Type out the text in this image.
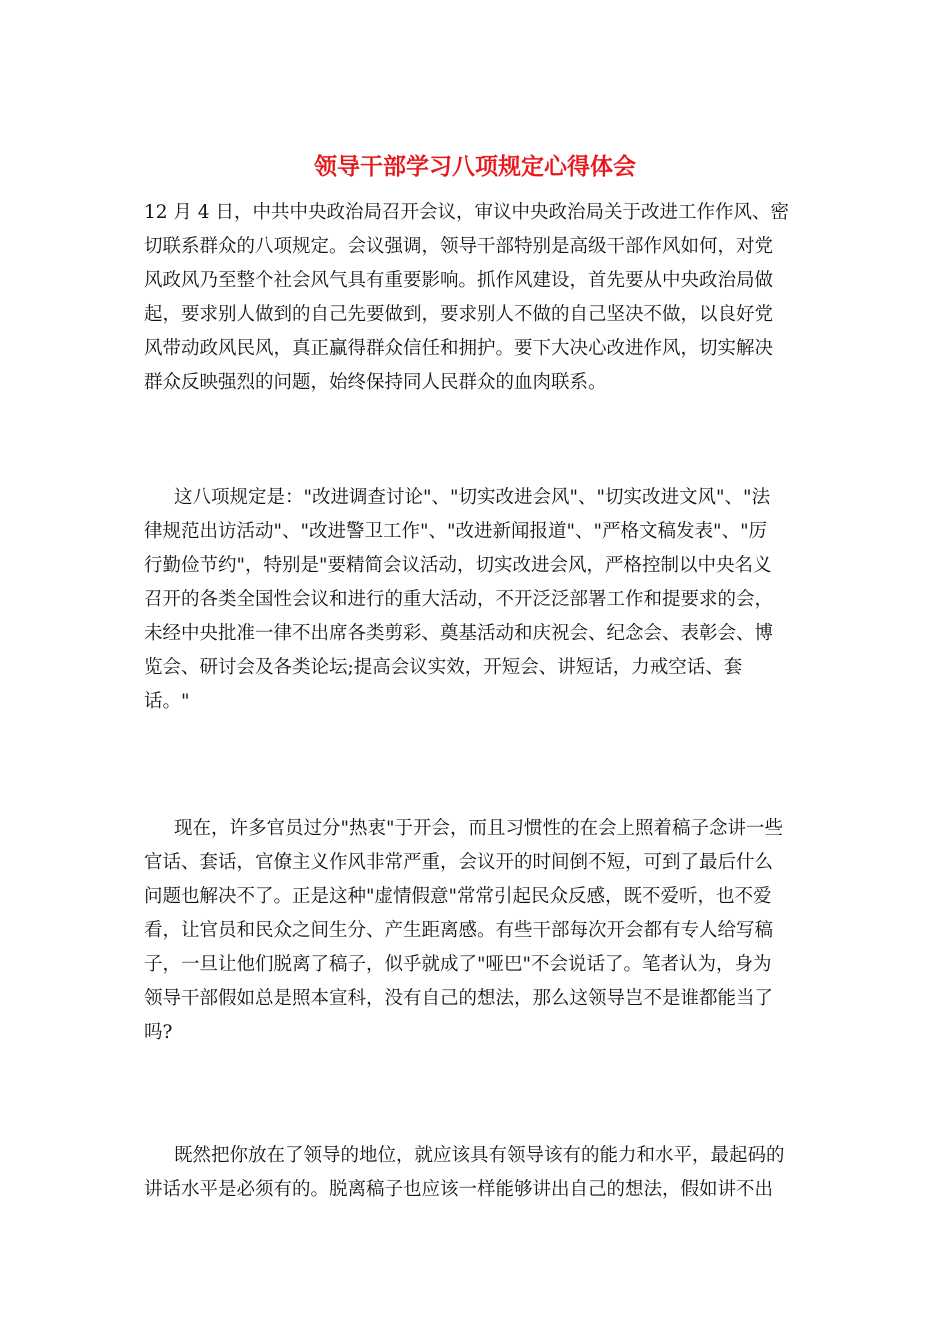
领导干部学习八项规定心得体会
12 月 4 日，中共中央政治局召开会议，审议中央政治局关于改进工作作风、密
切联系群众的八项规定。会议强调，领导干部特别是高级干部作风如何，对党
风政风乃至整个社会风气具有重要影响。抓作风建设，首先要从中央政治局做
起，要求别人做到的自己先要做到，要求别人不做的自己坚决不做，以良好党
风带动政风民风，真正赢得群众信任和拥护。要下大决心改进作风，切实解决
群众反映强烈的问题，始终保持同人民群众的血肉联系。
这八项规定是："改进调查讨论"、"切实改进会风"、"切实改进文风"、"法
律规范出访活动"、"改进警卫工作"、"改进新闻报道"、"严格文稿发表"、"厉
行勤俭节约"，特别是"要精简会议活动，切实改进会风，严格控制以中央名义
召开的各类全国性会议和进行的重大活动，不开泛泛部署工作和提要求的会，
未经中央批准一律不出席各类剪彩、奠基活动和庆祝会、纪念会、表彰会、博
览会、研讨会及各类论坛;提高会议实效，开短会、讲短话，力戒空话、套
话。"
现在，许多官员过分"热衷"于开会，而且习惯性的在会上照着稿子念讲一些
官话、套话，官僚主义作风非常严重，会议开的时间倒不短，可到了最后什么
问题也解决不了。正是这种"虚情假意"常常引起民众反感，既不爱听，也不爱
看，让官员和民众之间生分、产生距离感。有些干部每次开会都有专人给写稿
子，一旦让他们脱离了稿子，似乎就成了"哑巴"不会说话了。笔者认为，身为
领导干部假如总是照本宣科，没有自己的想法，那么这领导岂不是谁都能当了
吗?
既然把你放在了领导的地位，就应该具有领导该有的能力和水平，最起码的
讲话水平是必须有的。脱离稿子也应该一样能够讲出自己的想法，假如讲不出
